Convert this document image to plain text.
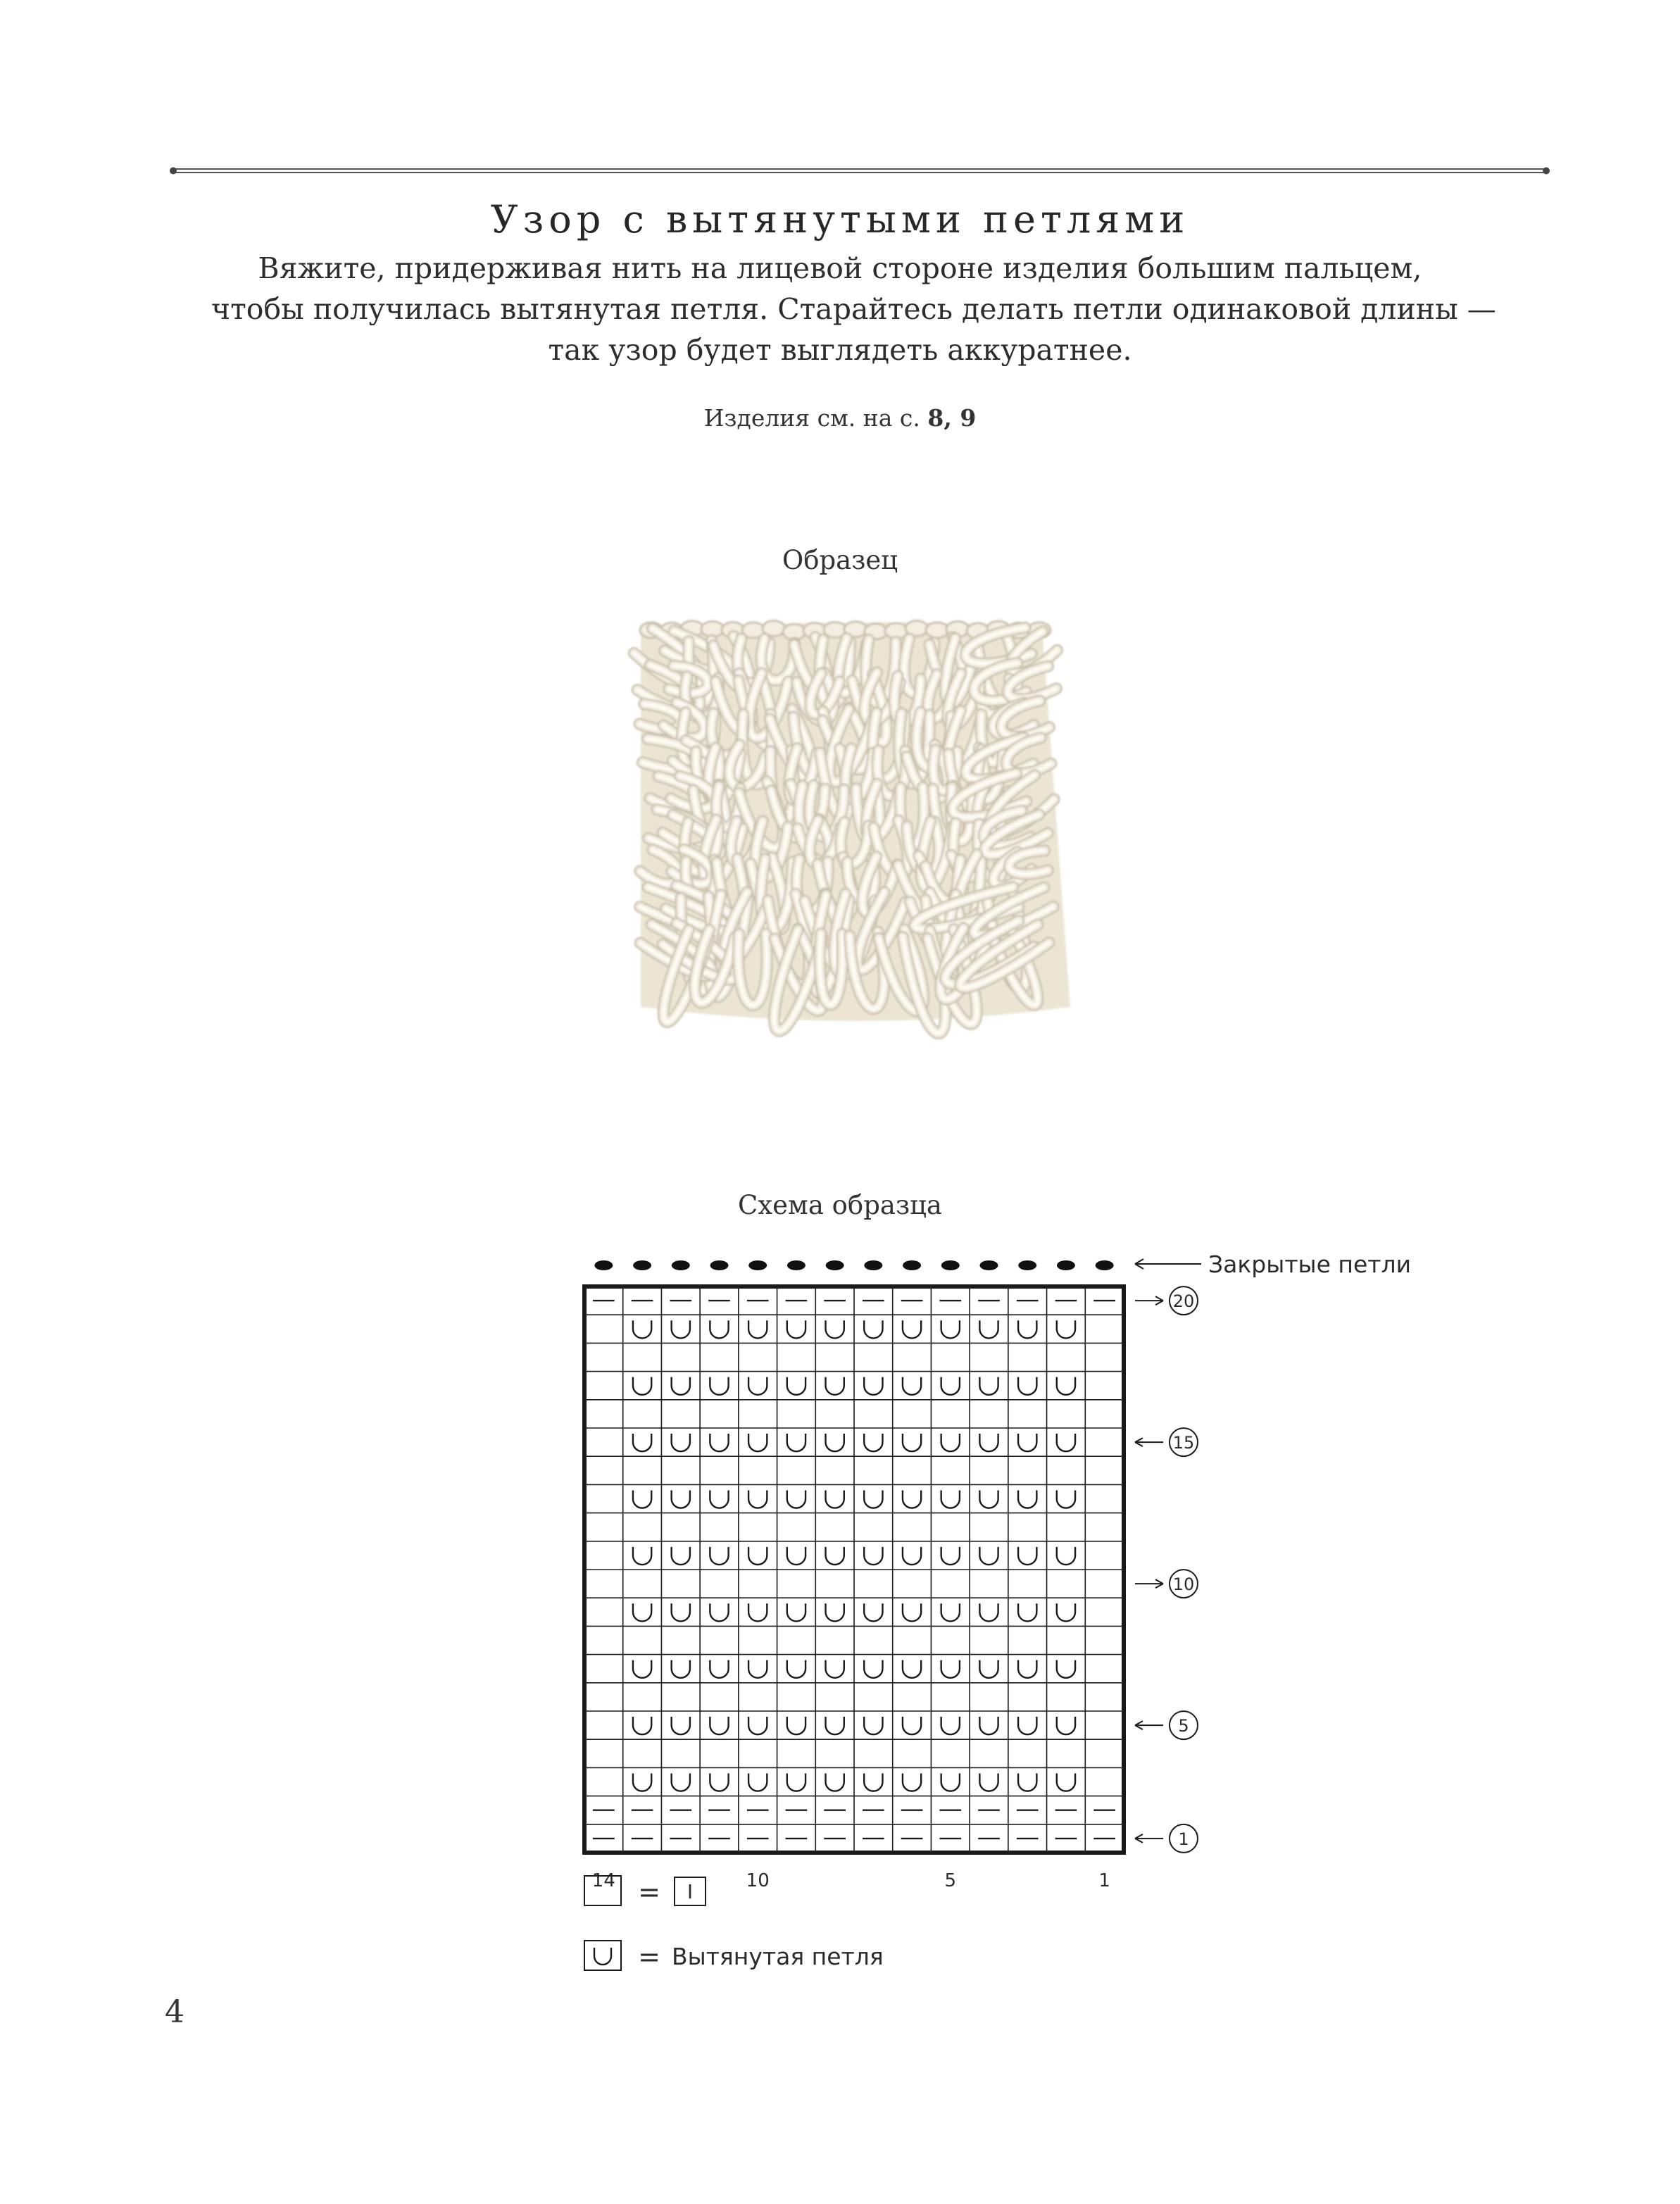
Узор с вытянутыми петлями
Вяжите, придерживая нить на лицевой стороне изделия большим пальцем,
чтобы получилась вытянутая петля. Старайтесь делать петли одинаковой длины —
так узор будет выглядеть аккуратнее.
Изделия см. на с. 8, 9
Образец
Схема образца
Закрытые петли
20
15
10
5
1
14	10	5	1
= I
= Вытянутая петля
4
